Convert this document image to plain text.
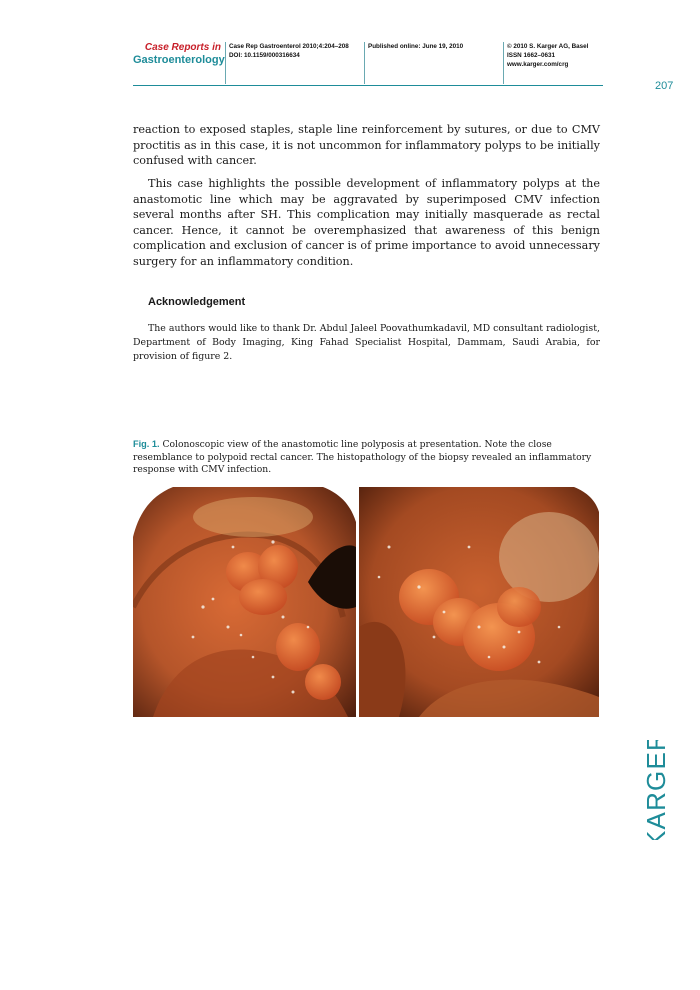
Case Reports in
Gastroenterology
Case Rep Gastroenterol 2010;4:204–208
DOI: 10.1159/000316634
Published online: June 19, 2010	© 2010 S. Karger AG, Basel
ISSN 1662–0631
www.karger.com/crg
207
reaction to exposed staples, staple line reinforcement by sutures, or due to CMV proctitis as in this case, it is not uncommon for inflammatory polyps to be initially confused with cancer.
This case highlights the possible development of inflammatory polyps at the anastomotic line which may be aggravated by superimposed CMV infection several months after SH. This complication may initially masquerade as rectal cancer. Hence, it cannot be overemphasized that awareness of this benign complication and exclusion of cancer is of prime importance to avoid unnecessary surgery for an inflammatory condition.
Acknowledgement
The authors would like to thank Dr. Abdul Jaleel Poovathumkadavil, MD consultant radiologist, Department of Body Imaging, King Fahad Specialist Hospital, Dammam, Saudi Arabia, for provision of figure 2.
Fig. 1. Colonoscopic view of the anastomotic line polyposis at presentation. Note the close resemblance to polypoid rectal cancer. The histopathology of the biopsy revealed an inflammatory response with CMV infection.
KARGER
